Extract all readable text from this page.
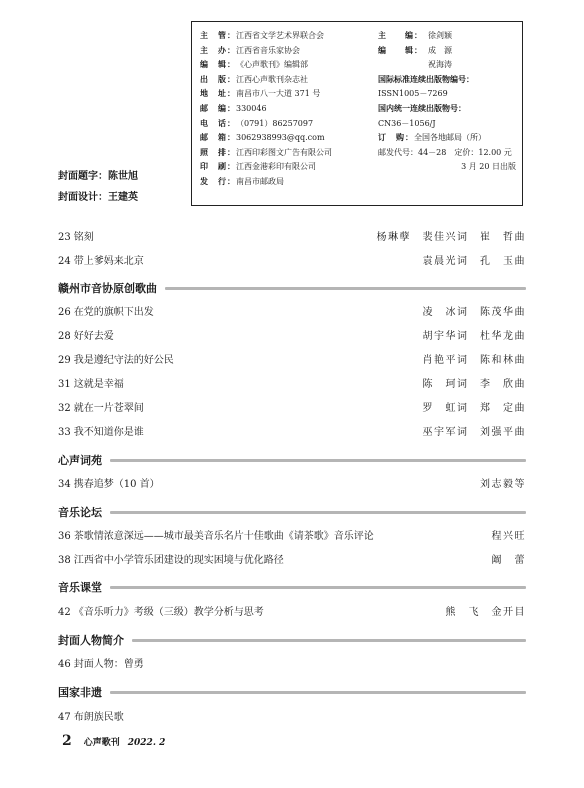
主　管： 江西省文学艺术界联合会
主　办： 江西省音乐家协会
编　辑： 《心声歌刊》编辑部
出　版： 江西心声歌刊杂志社
地　址： 南昌市八一大道 371 号
邮　编： 330046
电　话： （0791）86257097
邮　箱： 3062938993@qq.com
照　排： 江西印彩图文广告有限公司
印　刷： 江西金港彩印有限公司
发　行： 南昌市邮政局
主　　编： 徐剑颖
编　　辑： 成　源
祝海涛
国际标准连续出版物编号：
ISSN1005－7269
国内统一连续出版物号：
CN36－1056/J
订　购： 全国各地邮局（所）
邮发代号：44－28　定价：12.00 元
3 月 20 日出版
封面题字：陈世旭
封面设计：王建英
23 铭刻	杨琳孽　裴佳兴词　崔　哲曲
24 带上爹妈来北京	袁晨光词　孔　玉曲
赣州市音协原创歌曲
26 在党的旗帜下出发	凌　冰词　陈茂华曲
28 好好去爱	胡宇华词　杜华龙曲
29 我是遵纪守法的好公民	肖艳平词　陈和林曲
31 这就是幸福	陈　珂词　李　欣曲
32 就在一片苍翠间	罗　虹词　郑　定曲
33 我不知道你是谁	巫宇军词　刘强平曲
心声词苑
34 携春追梦（10 首）	刘志毅等
音乐论坛
36 茶歌情浓意深远——城市最美音乐名片十佳歌曲《请茶歌》音乐评论	程兴旺
38 江西省中小学管乐团建设的现实困境与优化路径	阚　蕾
音乐课堂
42 《音乐听力》考级（三级）教学分析与思考	熊　飞　金开目
封面人物简介
46 封面人物：曾勇
国家非遗
47 布朗族民歌
2 心声歌刊 2022. 2
